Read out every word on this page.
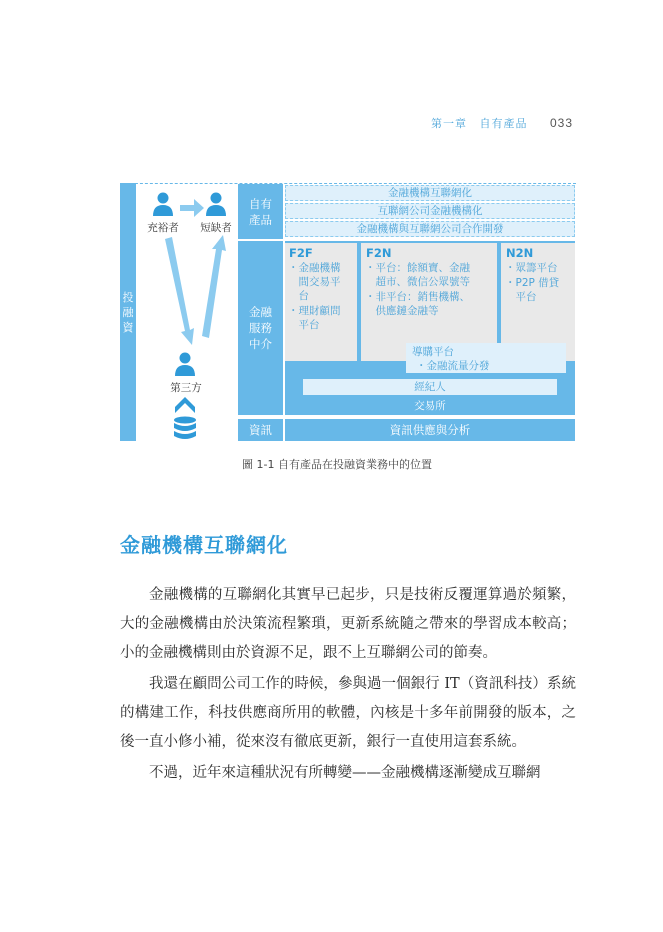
第一章 自有產品 033
投
融
資
充裕者	短缺者
第三方
自有
產品
金融
服務
中介
資訊
金融機構互聯網化
互聯網公司金融機構化
金融機構與互聯網公司合作開發
F2F
・金融機構
　間交易平
　台
・理財顧問
　平台
F2N
・平台：餘額寶、金融
　超市、微信公眾號等
・非平台：銷售機構、
　供應鏈金融等
N2N
・眾籌平台
・P2P 借貸
　平台
導購平台
・金融流量分發
經紀人
交易所
資訊供應與分析
圖 1-1 自有產品在投融資業務中的位置
金融機構互聯網化
金融機構的互聯網化其實早已起步，只是技術反覆運算過於頻繁，大的金融機構由於決策流程繁瑣，更新系統隨之帶來的學習成本較高；小的金融機構則由於資源不足，跟不上互聯網公司的節奏。
我還在顧問公司工作的時候，參與過一個銀行 IT（資訊科技）系統的構建工作，科技供應商所用的軟體，內核是十多年前開發的版本，之後一直小修小補，從來沒有徹底更新，銀行一直使用這套系統。
不過，近年來這種狀況有所轉變——金融機構逐漸變成互聯網
